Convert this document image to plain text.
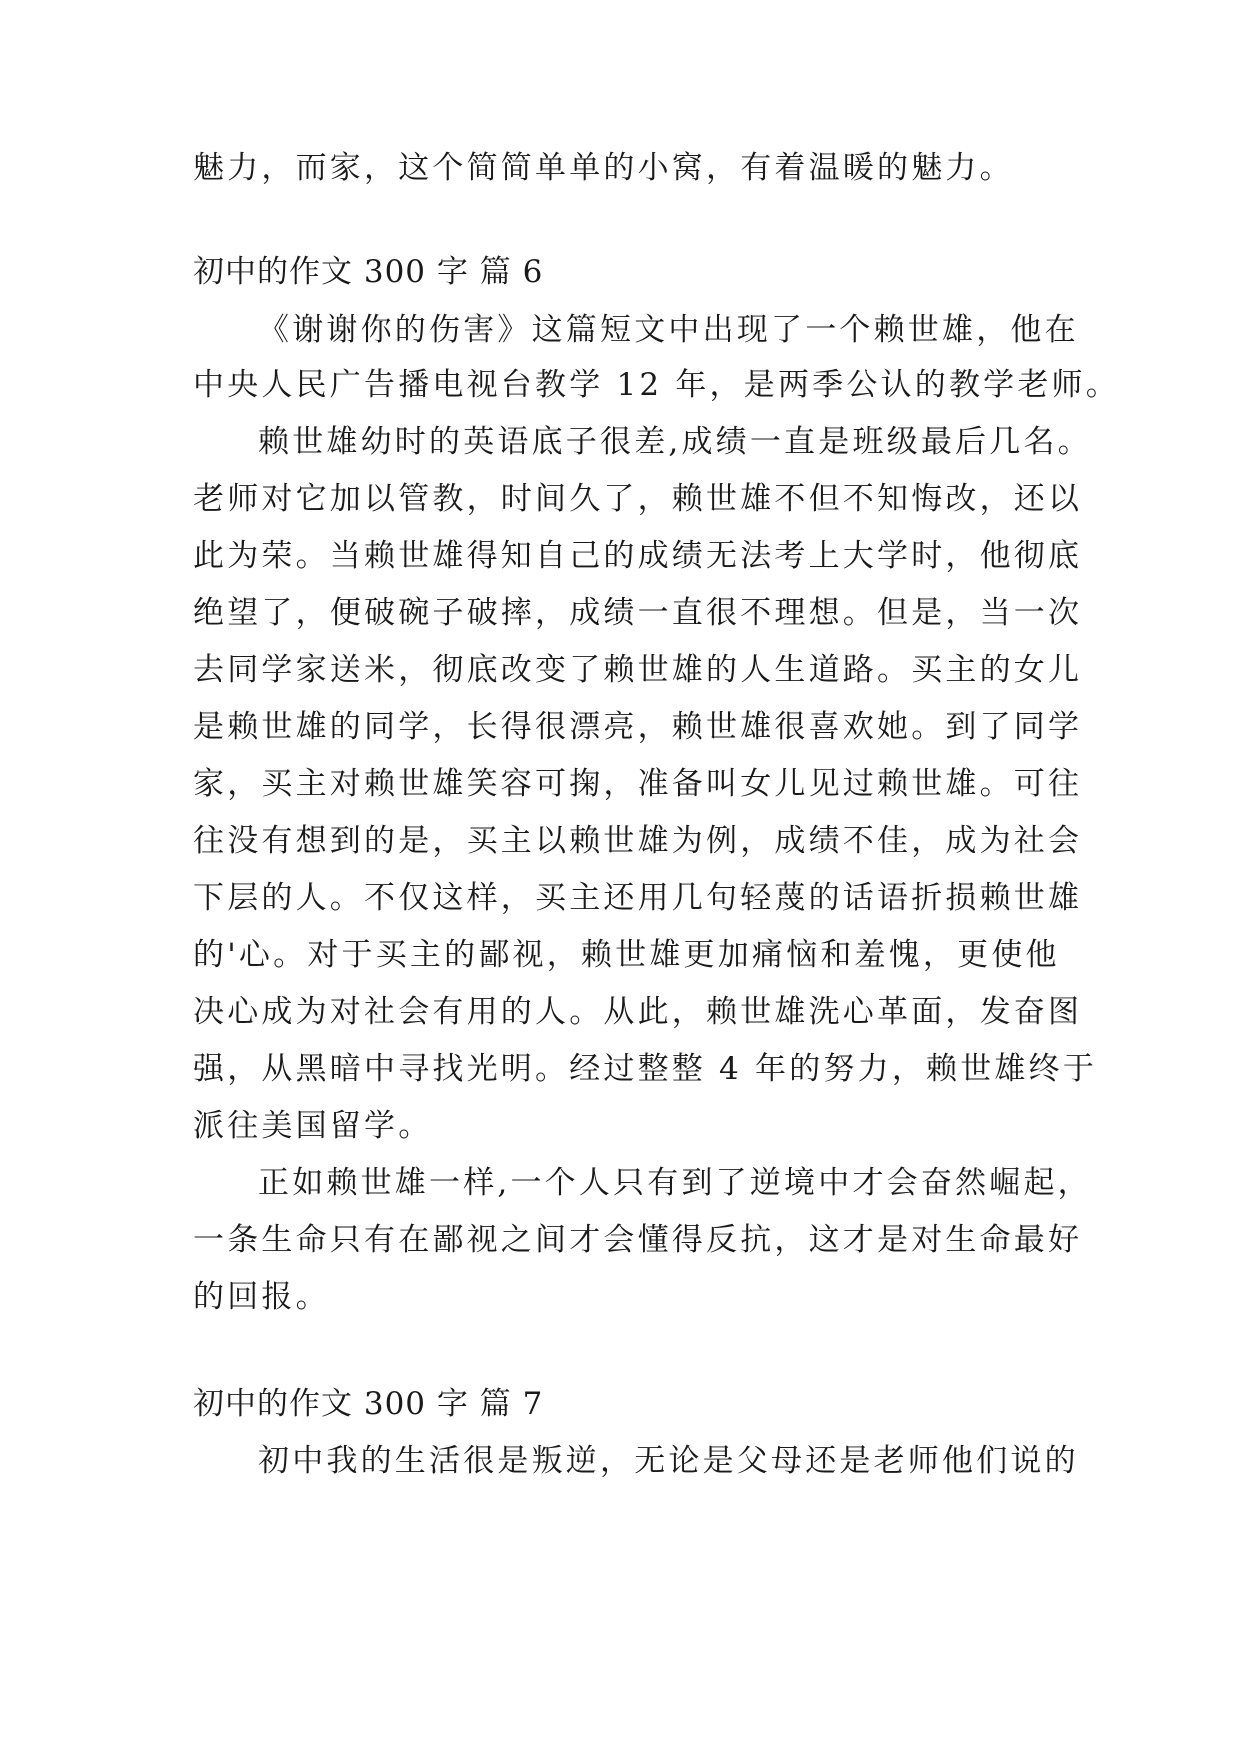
魅力，而家，这个简简单单的小窝，有着温暖的魅力。
初中的作文 300 字 篇 6
《谢谢你的伤害》这篇短文中出现了一个赖世雄，他在
中央人民广告播电视台教学 12 年，是两季公认的教学老师。
赖世雄幼时的英语底子很差,成绩一直是班级最后几名。
老师对它加以管教，时间久了，赖世雄不但不知悔改，还以
此为荣。当赖世雄得知自己的成绩无法考上大学时，他彻底
绝望了，便破碗子破摔，成绩一直很不理想。但是，当一次
去同学家送米，彻底改变了赖世雄的人生道路。买主的女儿
是赖世雄的同学，长得很漂亮，赖世雄很喜欢她。到了同学
家，买主对赖世雄笑容可掬，准备叫女儿见过赖世雄。可往
往没有想到的是，买主以赖世雄为例，成绩不佳，成为社会
下层的人。不仅这样，买主还用几句轻蔑的话语折损赖世雄
的'心。对于买主的鄙视，赖世雄更加痛恼和羞愧，更使他
决心成为对社会有用的人。从此，赖世雄洗心革面，发奋图
强，从黑暗中寻找光明。经过整整 4 年的努力，赖世雄终于
派往美国留学。
正如赖世雄一样,一个人只有到了逆境中才会奋然崛起，
一条生命只有在鄙视之间才会懂得反抗，这才是对生命最好
的回报。
初中的作文 300 字 篇 7
初中我的生活很是叛逆，无论是父母还是老师他们说的
